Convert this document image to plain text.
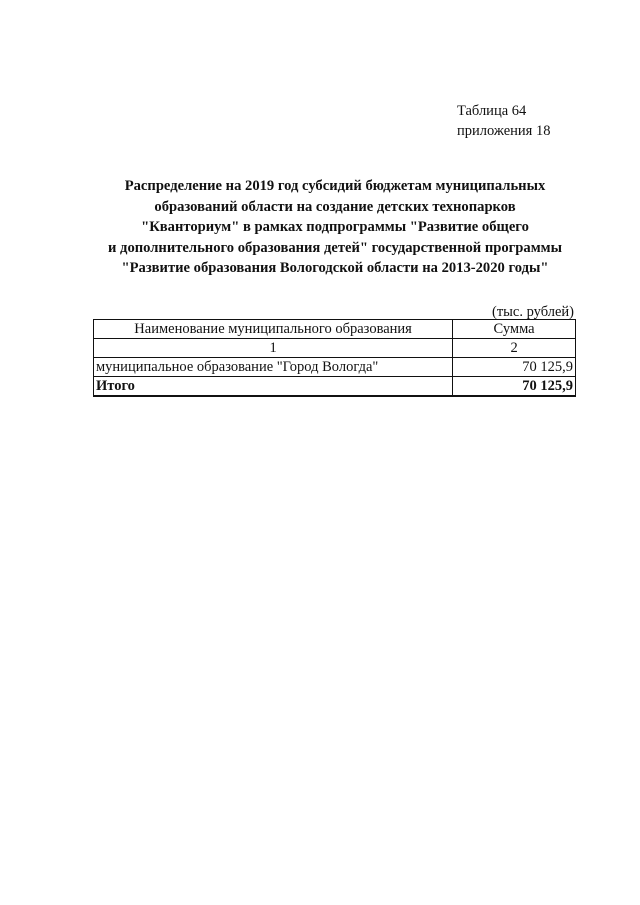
Таблица 64
приложения 18
Распределение на 2019 год субсидий бюджетам муниципальных
образований области на создание детских технопарков
"Кванториум" в рамках подпрограммы "Развитие общего
и дополнительного образования детей" государственной программы
"Развитие образования Вологодской области на 2013-2020 годы"
(тыс. рублей)
Наименование муниципального образования	Сумма
1	2
муниципальное образование "Город Вологда"	70 125,9
Итого	70 125,9
